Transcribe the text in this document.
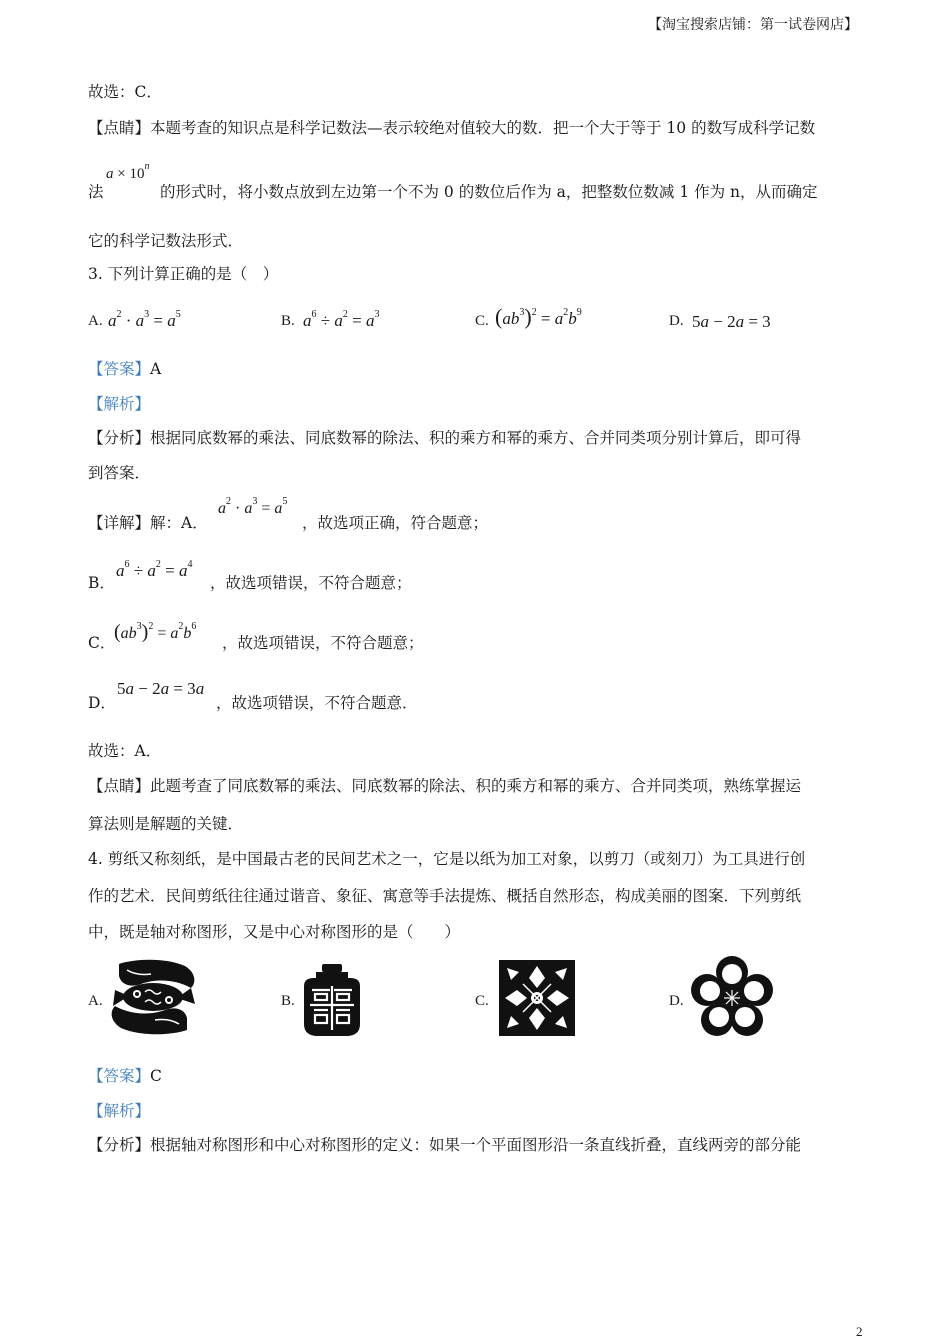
【淘宝搜索店铺：第一试卷网店】
故选：C．
【点睛】本题考查的知识点是科学记数法—表示较绝对值较大的数．把一个大于等于 10 的数写成科学记数
法
$a \times 10^n$
的形式时，将小数点放到左边第一个不为 0 的数位后作为 a，把整数位数减 1 作为 n，从而确定
它的科学记数法形式．
3. 下列计算正确的是（　）
A. $a^2 \cdot a^3 = a^5$	B. $a^6 \div a^2 = a^3$	C. $(ab^3)^2 = a^2b^9$
D. 5a − 2a = 3
【答案】A
【解析】
【分析】根据同底数幂的乘法、同底数幂的除法、积的乘方和幂的乘方、合并同类项分别计算后，即可得
到答案．
【详解】解：A．
$a^2 \cdot a^3 = a^5$
，故选项正确，符合题意；
B．
$a^6 \div a^2 = a^4$
，故选项错误，不符合题意；
C．
$(ab^3)^2 = a^2b^6$
，故选项错误，不符合题意；
D．
5a − 2a = 3a
，故选项错误，不符合题意．
故选：A．
【点睛】此题考查了同底数幂的乘法、同底数幂的除法、积的乘方和幂的乘方、合并同类项，熟练掌握运
算法则是解题的关键．
4. 剪纸又称刻纸，是中国最古老的民间艺术之一，它是以纸为加工对象，以剪刀（或刻刀）为工具进行创
作的艺术．民间剪纸往往通过谐音、象征、寓意等手法提炼、概括自然形态，构成美丽的图案．下列剪纸
中，既是轴对称图形，又是中心对称图形的是（　　）
A.	B.	C.	D.
【答案】C
【解析】
【分析】根据轴对称图形和中心对称图形的定义：如果一个平面图形沿一条直线折叠，直线两旁的部分能
2
